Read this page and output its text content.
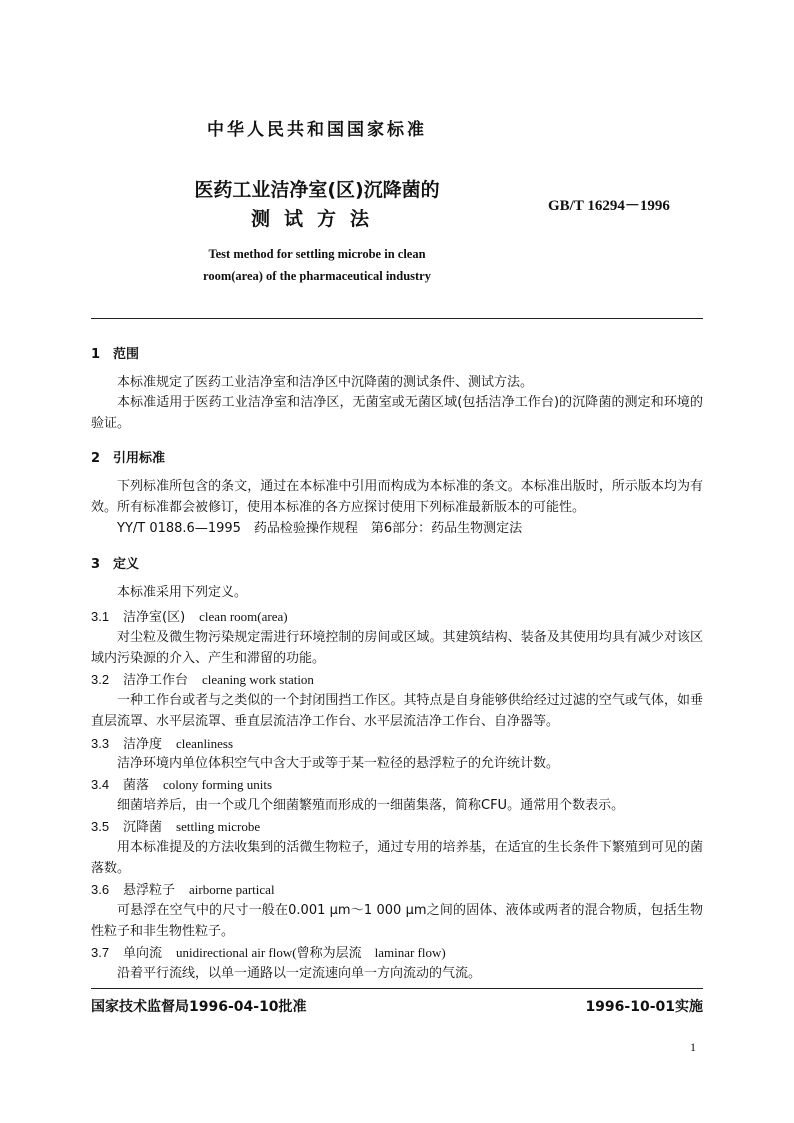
中华人民共和国国家标准
医药工业洁净室(区)沉降菌的
测试方法
GB/T 16294－1996
Test method for settling microbe in clean
room(area) of the pharmaceutical industry
1 范围
本标准规定了医药工业洁净室和洁净区中沉降菌的测试条件、测试方法。
本标准适用于医药工业洁净室和洁净区，无菌室或无菌区域(包括洁净工作台)的沉降菌的测定和环境的验证。
2 引用标准
下列标准所包含的条文，通过在本标准中引用而构成为本标准的条文。本标准出版时，所示版本均为有效。所有标准都会被修订，使用本标准的各方应探讨使用下列标准最新版本的可能性。
YY/T 0188.6—1995　药品检验操作规程　第6部分：药品生物测定法
3 定义
本标准采用下列定义。
3.1 洁净室(区) clean room(area)
对尘粒及微生物污染规定需进行环境控制的房间或区域。其建筑结构、装备及其使用均具有减少对该区域内污染源的介入、产生和滞留的功能。
3.2 洁净工作台 cleaning work station
一种工作台或者与之类似的一个封闭围挡工作区。其特点是自身能够供给经过过滤的空气或气体，如垂直层流罩、水平层流罩、垂直层流洁净工作台、水平层流洁净工作台、自净器等。
3.3 洁净度 cleanliness
洁净环境内单位体积空气中含大于或等于某一粒径的悬浮粒子的允许统计数。
3.4 菌落 colony forming units
细菌培养后，由一个或几个细菌繁殖而形成的一细菌集落，简称CFU。通常用个数表示。
3.5 沉降菌 settling microbe
用本标准提及的方法收集到的活微生物粒子，通过专用的培养基，在适宜的生长条件下繁殖到可见的菌落数。
3.6 悬浮粒子 airborne partical
可悬浮在空气中的尺寸一般在0.001 μm～1 000 μm之间的固体、液体或两者的混合物质，包括生物性粒子和非生物性粒子。
3.7 单向流 unidirectional air flow(曾称为层流　laminar flow)
沿着平行流线，以单一通路以一定流速向单一方向流动的气流。
国家技术监督局1996-04-10批准	1996-10-01实施
1
